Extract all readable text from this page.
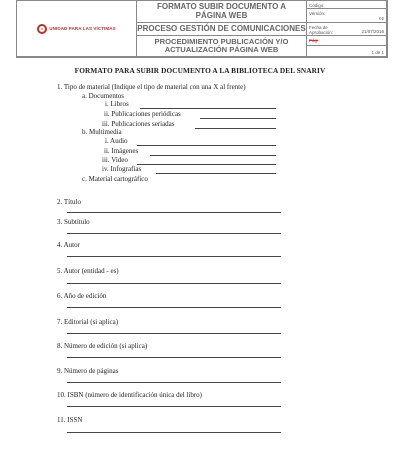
UNIDAD PARA LAS VÍCTIMAS
FORMATO SUBIR DOCUMENTO A PÁGINA WEB
PROCESO GESTIÓN DE COMUNICACIONES
PROCEDIMIENTO PUBLICACIÓN Y/O ACTUALIZACIÓN PÁGINA WEB
Código:
Versión:
02
Fecha de Aprobación:	21/07/2016
Pág:
1 de 1
FORMATO PARA SUBIR DOCUMENTO A LA BIBLIOTECA DEL SNARIV
1. Tipo de material (Indique el tipo de material con una X al frente)
a. Documentos
i. Libros
ii. Publicaciones periódicas
iii. Publicaciones seriadas
b. Multimedia
i. Audio
ii. Imágenes
iii. Video
iv. Infografías
c. Material cartográfico
2. Título
3. Subtítulo
4. Autor
5. Autor (entidad - es)
6. Año de edición
7. Editorial (si aplica)
8. Número de edición (si aplica)
9. Número de páginas
10. ISBN (número de identificación única del libro)
11. ISSN
